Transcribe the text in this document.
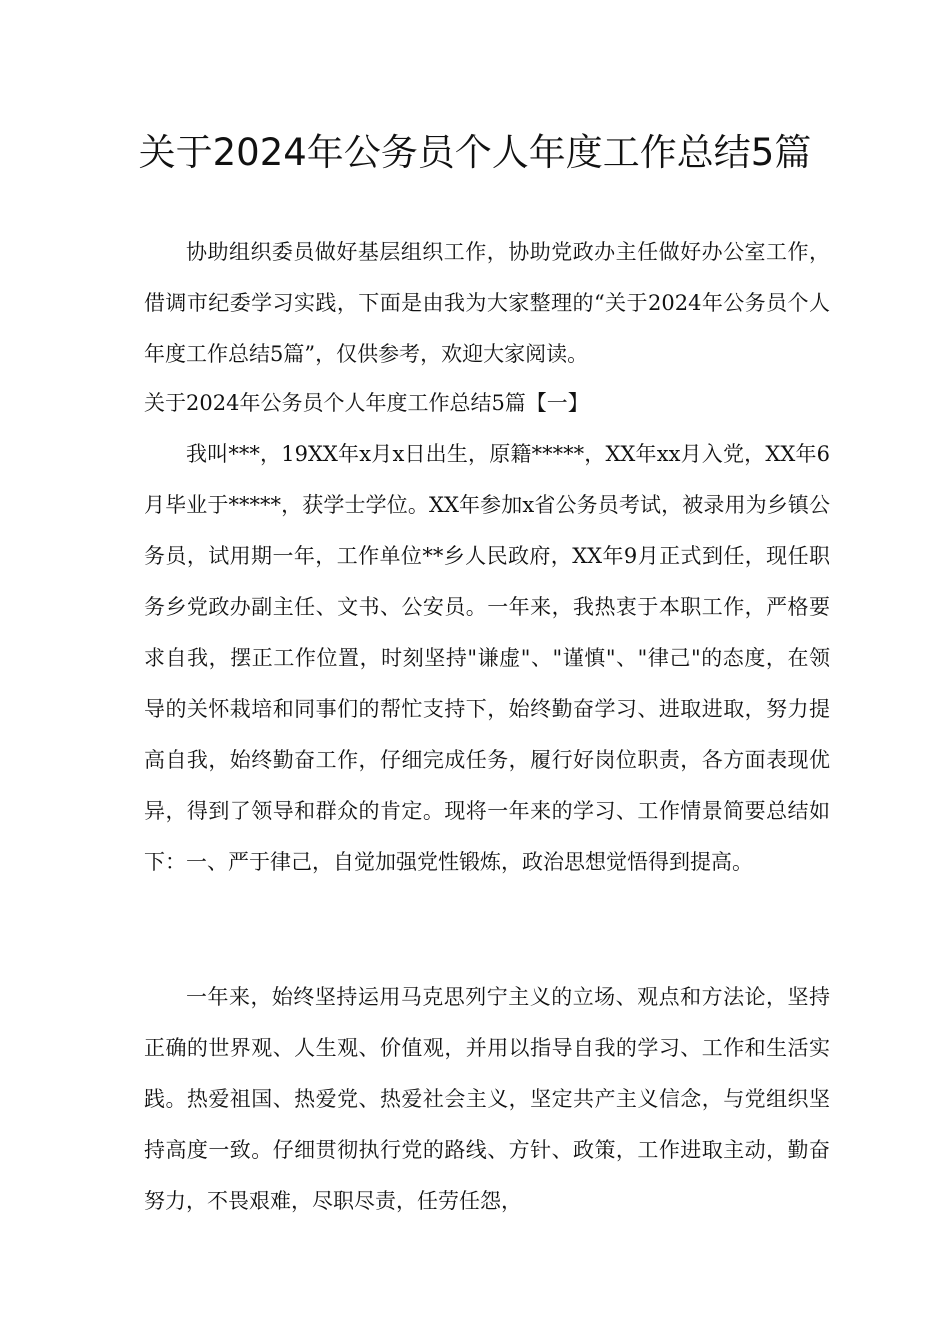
关于2024年公务员个人年度工作总结5篇

协助组织委员做好基层组织工作，协助党政办主任做好办公室工作，借调市纪委学习实践，下面是由我为大家整理的“关于2024年公务员个人年度工作总结5篇”，仅供参考，欢迎大家阅读。

关于2024年公务员个人年度工作总结5篇【一】

我叫***，19XX年x月x日出生，原籍*****，XX年xx月入党，XX年6月毕业于*****，获学士学位。XX年参加x省公务员考试，被录用为乡镇公务员，试用期一年，工作单位**乡人民政府，XX年9月正式到任，现任职务乡党政办副主任、文书、公安员。一年来，我热衷于本职工作，严格要求自我，摆正工作位置，时刻坚持"谦虚"、"谨慎"、"律己"的态度，在领导的关怀栽培和同事们的帮忙支持下，始终勤奋学习、进取进取，努力提高自我，始终勤奋工作，仔细完成任务，履行好岗位职责，各方面表现优异，得到了领导和群众的肯定。现将一年来的学习、工作情景简要总结如下：一、严于律己，自觉加强党性锻炼，政治思想觉悟得到提高。

一年来，始终坚持运用马克思列宁主义的立场、观点和方法论，坚持正确的世界观、人生观、价值观，并用以指导自我的学习、工作和生活实践。热爱祖国、热爱党、热爱社会主义，坚定共产主义信念，与党组织坚持高度一致。仔细贯彻执行党的路线、方针、政策，工作进取主动，勤奋努力，不畏艰难，尽职尽责，任劳任怨，
